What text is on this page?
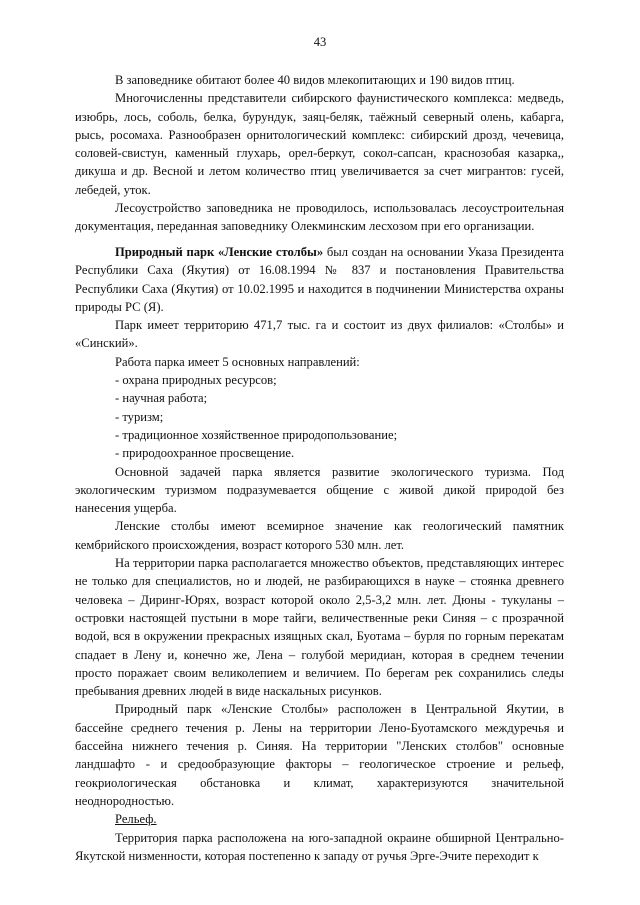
43

В заповеднике обитают более 40 видов млекопитающих и 190 видов птиц.

Многочисленны представители сибирского фаунистического комплекса: медведь, изюбрь, лось, соболь, белка, бурундук, заяц-беляк, таёжный северный олень, кабарга, рысь, росомаха. Разнообразен орнитологический комплекс: сибирский дрозд, чечевица, соловей-свистун, каменный глухарь, орел-беркут, сокол-сапсан, краснозобая казарка,, дикуша и др. Весной и летом количество птиц увеличивается за счет мигрантов: гусей, лебедей, уток.

Лесоустройство заповедника не проводилось, использовалась лесоустроительная документация, переданная заповеднику Олекминским лесхозом при его организации.

Природный парк «Ленские столбы» был создан на основании Указа Президента Республики Саха (Якутия) от 16.08.1994 № 837 и постановления Правительства Республики Саха (Якутия) от 10.02.1995 и находится в подчинении Министерства охраны природы РС (Я).

Парк имеет территорию 471,7 тыс. га и состоит из двух филиалов: «Столбы» и «Синский».

Работа парка имеет 5 основных направлений:

- охрана природных ресурсов;

- научная работа;

- туризм;

- традиционное хозяйственное природопользование;

- природоохранное просвещение.

Основной задачей парка является развитие экологического туризма. Под экологическим туризмом подразумевается общение с живой дикой природой без нанесения ущерба.

Ленские столбы имеют всемирное значение как геологический памятник кембрийского происхождения, возраст которого 530 млн. лет.

На территории парка располагается множество объектов, представляющих интерес не только для специалистов, но и людей, не разбирающихся в науке – стоянка древнего человека – Диринг-Юрях, возраст которой около 2,5-3,2 млн. лет. Дюны - тукуланы – островки настоящей пустыни в море тайги, величественные реки Синяя – с прозрачной водой, вся в окружении прекрасных изящных скал, Буотама – бурля по горным перекатам спадает в Лену и, конечно же, Лена – голубой меридиан, которая в среднем течении просто поражает своим великолепием и величием. По берегам рек сохранились следы пребывания древних людей в виде наскальных рисунков.

Природный парк «Ленские Столбы» расположен в Центральной Якутии, в бассейне среднего течения р. Лены на территории Лено-Буотамского междуречья и бассейна нижнего течения р. Синяя. На территории "Ленских столбов" основные ландшафто - и средообразующие факторы – геологическое строение и рельеф, геокриологическая обстановка и климат, характеризуются значительной неоднородностью.

Рельеф.

Территория парка расположена на юго-западной окраине обширной Центрально-Якутской низменности, которая постепенно к западу от ручья Эрге-Эчите переходит к
